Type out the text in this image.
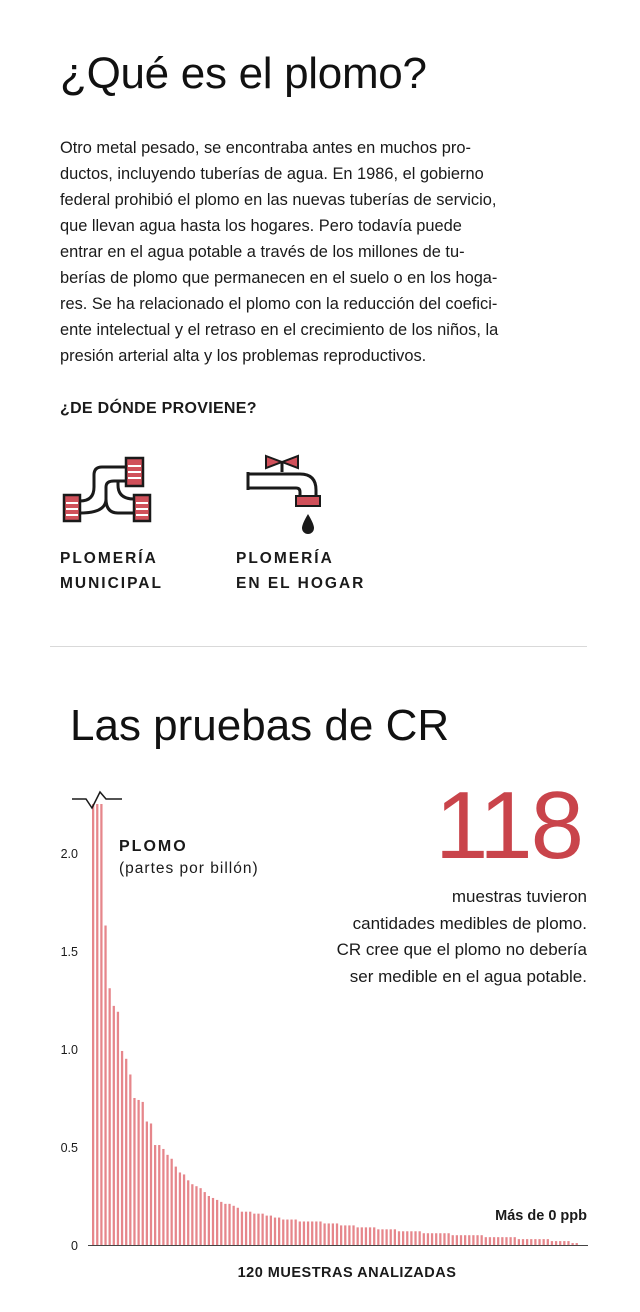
¿Qué es el plomo?

Otro metal pesado, se encontraba antes en muchos pro-
ductos, incluyendo tuberías de agua. En 1986, el gobierno
federal prohibió el plomo en las nuevas tuberías de servicio,
que llevan agua hasta los hogares. Pero todavía puede
entrar en el agua potable a través de los millones de tu-
berías de plomo que permanecen en el suelo o en los hoga-
res. Se ha relacionado el plomo con la reducción del coefici-
ente intelectual y el retraso en el crecimiento de los niños, la
presión arterial alta y los problemas reproductivos.

¿DE DÓNDE PROVIENE?

PLOMERÍA

MUNICIPAL

PLOMERÍA

EN EL HOGAR

Las pruebas de CR
0
0.5
1.0
1.5
2.0	118

muestras tuvieron
cantidades medibles de plomo.
CR cree que el plomo no debería
ser medible en el agua potable.

PLOMO

(partes por billón)

Más de 0 ppb

120 MUESTRAS ANALIZADAS
